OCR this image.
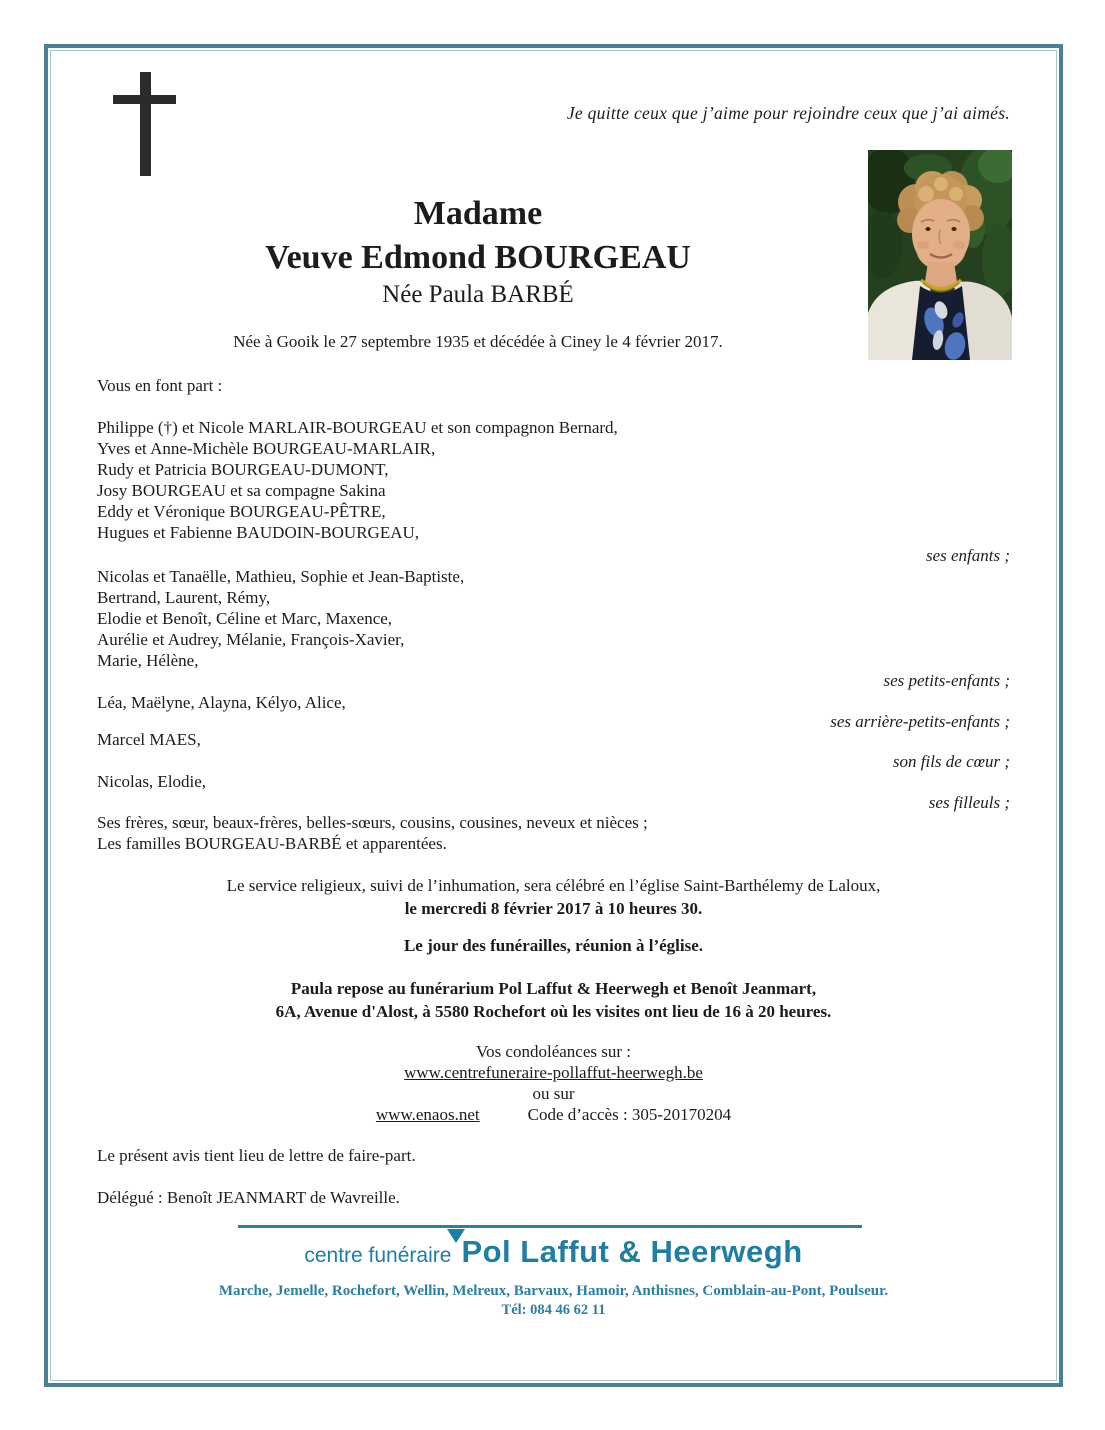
Je quitte ceux que j’aime pour rejoindre ceux que j’ai aimés.
Madame
Veuve Edmond BOURGEAU
Née Paula BARBÉ
Née à Gooik le 27 septembre 1935 et décédée à Ciney le 4 février 2017.
Vous en font part :
Philippe (†) et Nicole MARLAIR-BOURGEAU et son compagnon Bernard,
Yves et Anne-Michèle BOURGEAU-MARLAIR,
Rudy et Patricia BOURGEAU-DUMONT,
Josy BOURGEAU et sa compagne Sakina
Eddy et Véronique BOURGEAU-PÊTRE,
Hugues et Fabienne BAUDOIN-BOURGEAU,
ses enfants ;
Nicolas et Tanaëlle, Mathieu, Sophie et Jean-Baptiste,
Bertrand, Laurent, Rémy,
Elodie et Benoît, Céline et Marc, Maxence,
Aurélie et Audrey, Mélanie, François-Xavier,
Marie, Hélène,
ses petits-enfants ;
Léa, Maëlyne, Alayna, Kélyo, Alice,
ses arrière-petits-enfants ;
Marcel MAES,
son fils de cœur ;
Nicolas, Elodie,
ses filleuls ;
Ses frères, sœur, beaux-frères, belles-sœurs, cousins, cousines, neveux et nièces ;
Les familles BOURGEAU-BARBÉ et apparentées.
Le service religieux, suivi de l’inhumation, sera célébré en l’église Saint-Barthélemy de Laloux,
le mercredi 8 février 2017 à 10 heures 30.
Le jour des funérailles, réunion à l’église.
Paula repose au funérarium Pol Laffut & Heerwegh et Benoît Jeanmart,
6A, Avenue d'Alost, à 5580 Rochefort où les visites ont lieu de 16 à 20 heures.
Vos condoléances sur :
www.centrefuneraire-pollaffut-heerwegh.be
ou sur
www.enaos.net	Code d’accès : 305-20170204
Le présent avis tient lieu de lettre de faire-part.
Délégué : Benoît JEANMART de Wavreille.
centre funéraire Pol Laffut & Heerwegh
Marche, Jemelle, Rochefort, Wellin, Melreux, Barvaux, Hamoir, Anthisnes, Comblain-au-Pont, Poulseur.
Tél: 084 46 62 11
